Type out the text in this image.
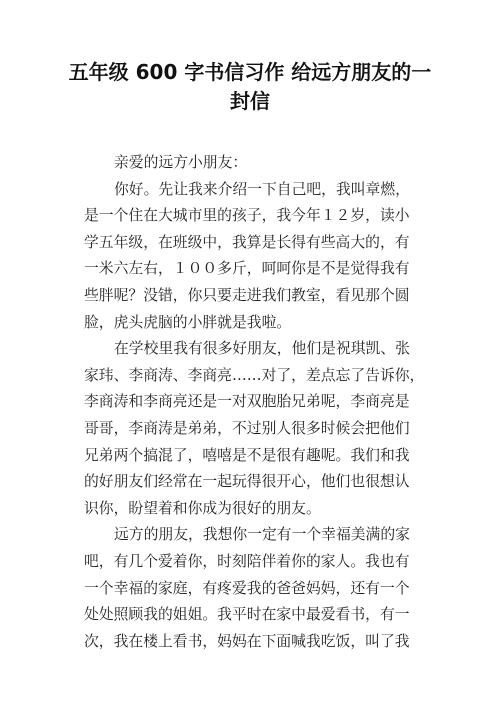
五年级 600 字书信习作 给远方朋友的一封信

亲爱的远方小朋友：

你好。先让我来介绍一下自己吧，我叫章燃，

是一个住在大城市里的孩子，我今年１２岁，读小

学五年级，在班级中，我算是长得有些高大的，有

一米六左右，１００多斤，呵呵你是不是觉得我有

些胖呢？没错，你只要走进我们教室，看见那个圆

脸，虎头虎脑的小胖就是我啦。

在学校里我有很多好朋友，他们是祝琪凯、张

家玮、李商涛、李商亮……对了，差点忘了告诉你，

李商涛和李商亮还是一对双胞胎兄弟呢，李商亮是

哥哥，李商涛是弟弟，不过别人很多时候会把他们

兄弟两个搞混了，嘻嘻是不是很有趣呢。我们和我

的好朋友们经常在一起玩得很开心，他们也很想认

识你，盼望着和你成为很好的朋友。

远方的朋友，我想你一定有一个幸福美满的家

吧，有几个爱着你，时刻陪伴着你的家人。我也有

一个幸福的家庭，有疼爱我的爸爸妈妈，还有一个

处处照顾我的姐姐。我平时在家中最爱看书，有一

次，我在楼上看书，妈妈在下面喊我吃饭，叫了我
